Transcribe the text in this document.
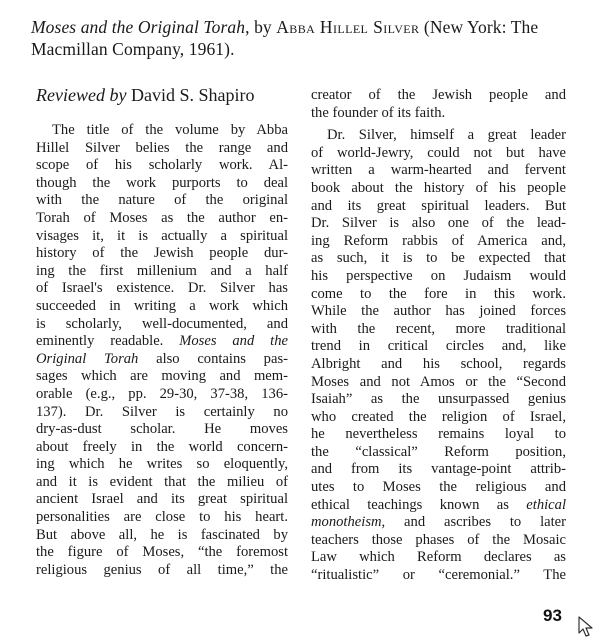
Moses and the Original Torah, by Abba Hillel Silver (New York: The Macmillan Company, 1961).
Reviewed by David S. Shapiro

The title of the volume by Abba
Hillel Silver belies the range and
scope of his scholarly work. Al-
though the work purports to deal
with the nature of the original
Torah of Moses as the author en-
visages it, it is actually a spiritual
history of the Jewish people dur-
ing the first millenium and a half
of Israel's existence. Dr. Silver has
succeeded in writing a work which
is scholarly, well-documented, and
eminently readable. Moses and the
Original Torah also contains pas-
sages which are moving and mem-
orable (e.g., pp. 29-30, 37-38, 136-
137). Dr. Silver is certainly no
dry-as-dust scholar. He moves
about freely in the world concern-
ing which he writes so eloquently,
and it is evident that the milieu of
ancient Israel and its great spiritual
personalities are close to his heart.
But above all, he is fascinated by
the figure of Moses, “the foremost
religious genius of all time,” the

creator of the Jewish people and
the founder of its faith.

Dr. Silver, himself a great leader
of world-Jewry, could not but have
written a warm-hearted and fervent
book about the history of his people
and its great spiritual leaders. But
Dr. Silver is also one of the lead-
ing Reform rabbis of America and,
as such, it is to be expected that
his perspective on Judaism would
come to the fore in this work.
While the author has joined forces
with the recent, more traditional
trend in critical circles and, like
Albright and his school, regards
Moses and not Amos or the “Second
Isaiah” as the unsurpassed genius
who created the religion of Israel,
he nevertheless remains loyal to
the “classical” Reform position,
and from its vantage-point attrib-
utes to Moses the religious and
ethical teachings known as ethical
monotheism, and ascribes to later
teachers those phases of the Mosaic
Law which Reform declares as
“ritualistic” or “ceremonial.” The

93
